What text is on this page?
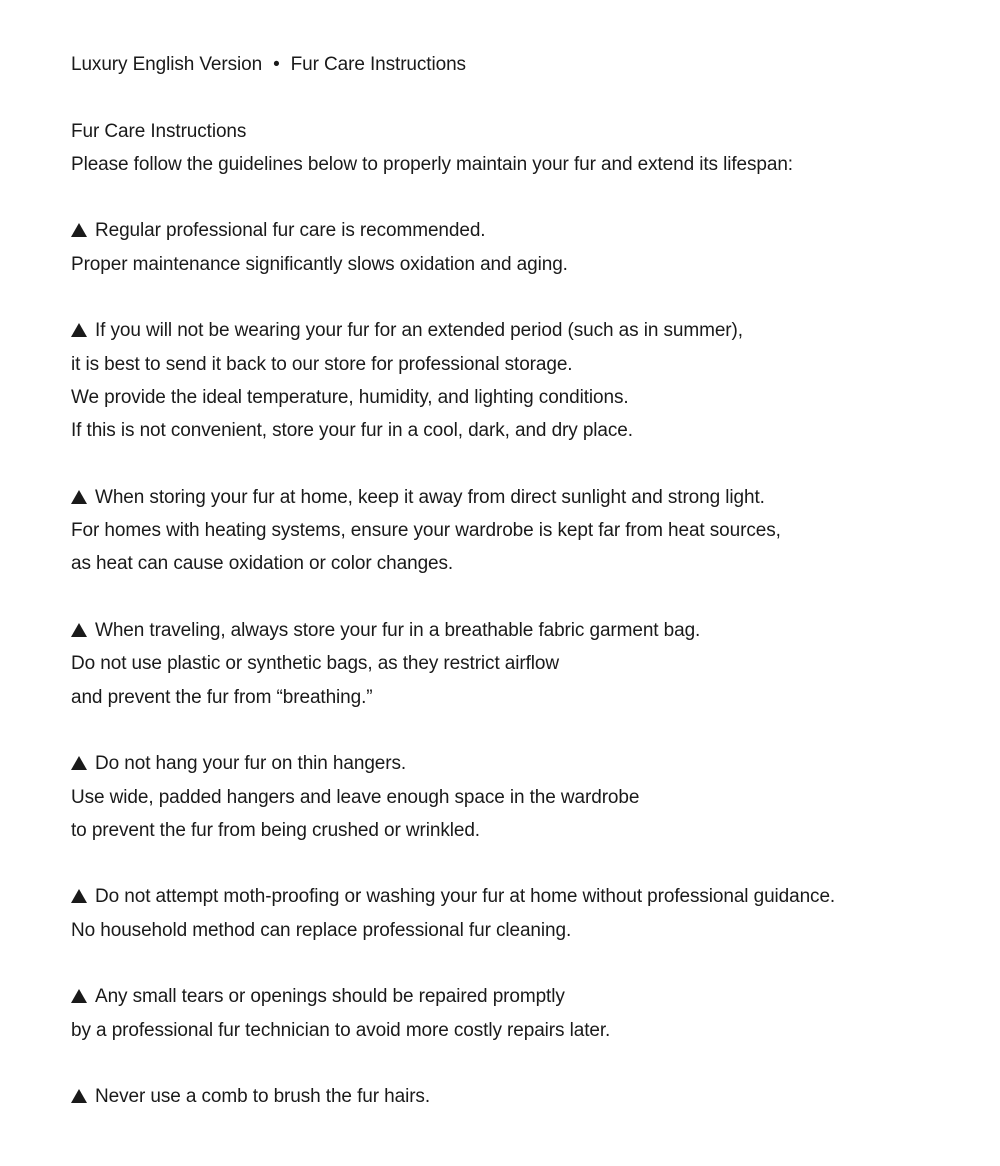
Luxury English Version • Fur Care Instructions
Fur Care Instructions
Please follow the guidelines below to properly maintain your fur and extend its lifespan:
Regular professional fur care is recommended.
Proper maintenance significantly slows oxidation and aging.
If you will not be wearing your fur for an extended period (such as in summer),
it is best to send it back to our store for professional storage.
We provide the ideal temperature, humidity, and lighting conditions.
If this is not convenient, store your fur in a cool, dark, and dry place.
When storing your fur at home, keep it away from direct sunlight and strong light.
For homes with heating systems, ensure your wardrobe is kept far from heat sources,
as heat can cause oxidation or color changes.
When traveling, always store your fur in a breathable fabric garment bag.
Do not use plastic or synthetic bags, as they restrict airflow
and prevent the fur from “breathing.”
Do not hang your fur on thin hangers.
Use wide, padded hangers and leave enough space in the wardrobe
to prevent the fur from being crushed or wrinkled.
Do not attempt moth-proofing or washing your fur at home without professional guidance.
No household method can replace professional fur cleaning.
Any small tears or openings should be repaired promptly
by a professional fur technician to avoid more costly repairs later.
Never use a comb to brush the fur hairs.
